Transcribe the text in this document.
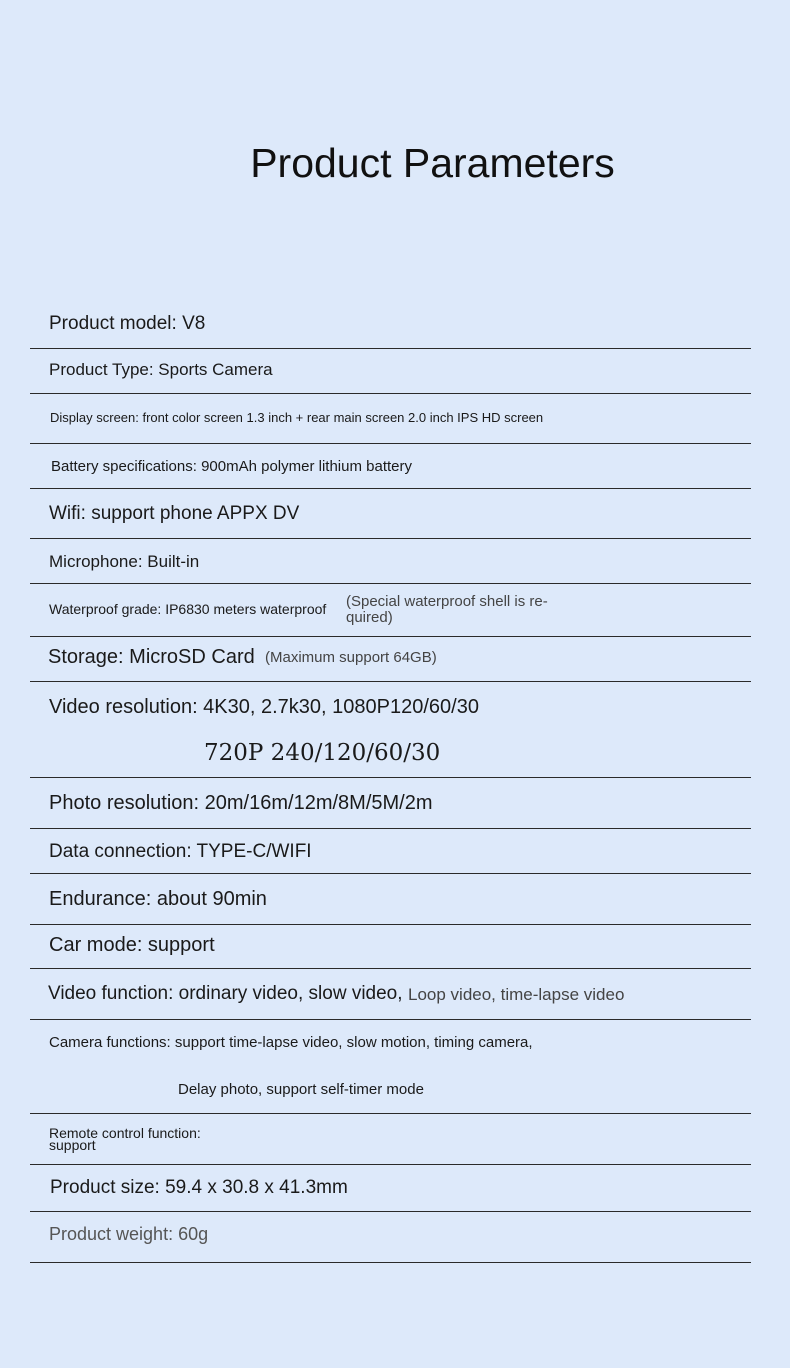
Product Parameters
Product model: V8
Product Type: Sports Camera
Display screen: front color screen 1.3 inch + rear main screen 2.0 inch IPS HD screen
Battery specifications: 900mAh polymer lithium battery
Wifi: support phone APPX DV
Microphone: Built-in
Waterproof grade: IP6830 meters waterproof (Special waterproof shell is re-
quired)
Storage: MicroSD Card (Maximum support 64GB)
Video resolution: 4K30, 2.7k30, 1080P120/60/30
720P 240/120/60/30
Photo resolution: 20m/16m/12m/8M/5M/2m
Data connection: TYPE-C/WIFI
Endurance: about 90min
Car mode: support
Video function: ordinary video, slow video, Loop video, time-lapse video
Camera functions: support time-lapse video, slow motion, timing camera,
Delay photo, support self-timer mode
Remote control function:
support
Product size: 59.4 x 30.8 x 41.3mm
Product weight: 60g
